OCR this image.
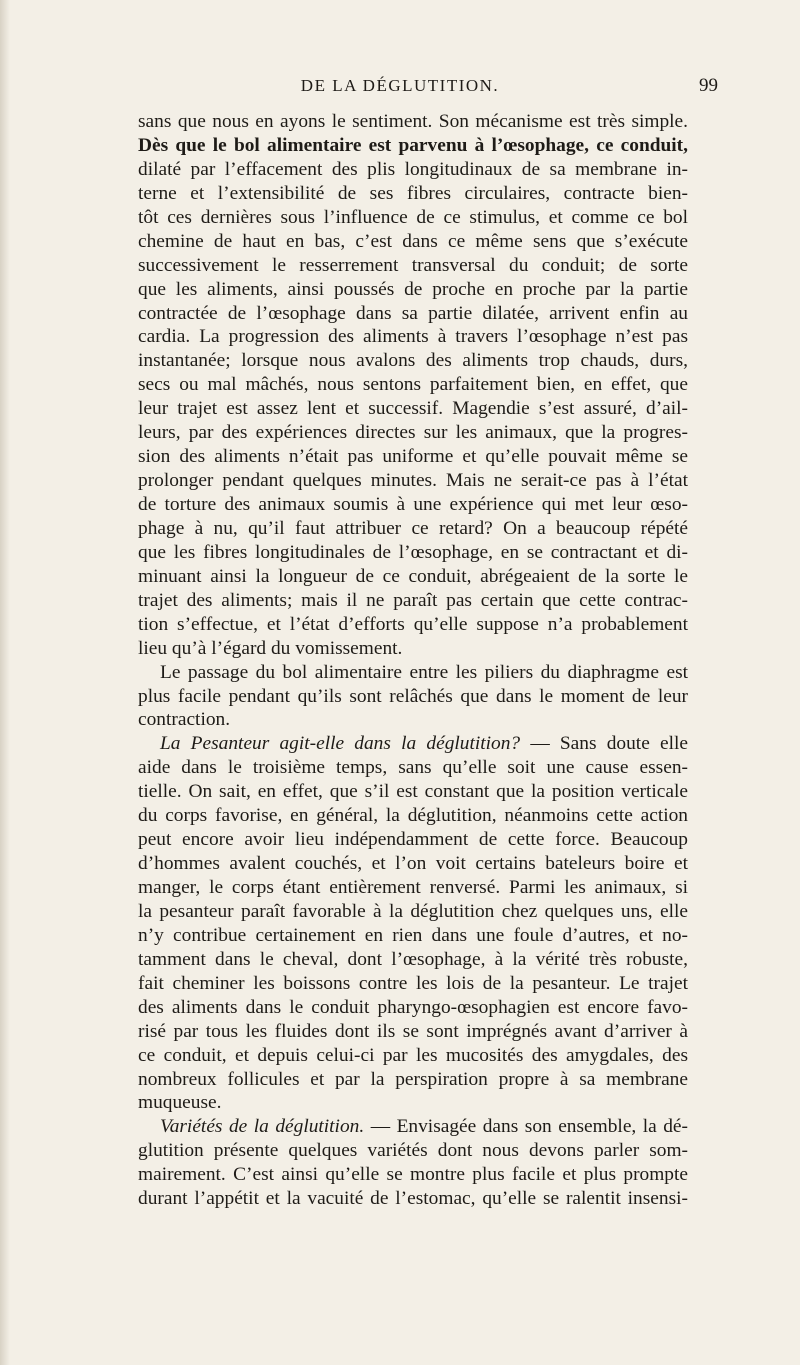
DE LA DÉGLUTITION.	99
sans que nous en ayons le sentiment. Son mécanisme est très simple.
Dès que le bol alimentaire est parvenu à l’œsophage, ce conduit,
dilaté par l’effacement des plis longitudinaux de sa membrane in-
terne et l’extensibilité de ses fibres circulaires, contracte bien-
tôt ces dernières sous l’influence de ce stimulus, et comme ce bol
chemine de haut en bas, c’est dans ce même sens que s’exécute
successivement le resserrement transversal du conduit; de sorte
que les aliments, ainsi poussés de proche en proche par la partie
contractée de l’œsophage dans sa partie dilatée, arrivent enfin au
cardia. La progression des aliments à travers l’œsophage n’est pas
instantanée; lorsque nous avalons des aliments trop chauds, durs,
secs ou mal mâchés, nous sentons parfaitement bien, en effet, que
leur trajet est assez lent et successif. Magendie s’est assuré, d’ail-
leurs, par des expériences directes sur les animaux, que la progres-
sion des aliments n’était pas uniforme et qu’elle pouvait même se
prolonger pendant quelques minutes. Mais ne serait-ce pas à l’état
de torture des animaux soumis à une expérience qui met leur œso-
phage à nu, qu’il faut attribuer ce retard? On a beaucoup répété
que les fibres longitudinales de l’œsophage, en se contractant et di-
minuant ainsi la longueur de ce conduit, abrégeaient de la sorte le
trajet des aliments; mais il ne paraît pas certain que cette contrac-
tion s’effectue, et l’état d’efforts qu’elle suppose n’a probablement
lieu qu’à l’égard du vomissement.
Le passage du bol alimentaire entre les piliers du diaphragme est
plus facile pendant qu’ils sont relâchés que dans le moment de leur
contraction.
La Pesanteur agit-elle dans la déglutition? — Sans doute elle
aide dans le troisième temps, sans qu’elle soit une cause essen-
tielle. On sait, en effet, que s’il est constant que la position verticale
du corps favorise, en général, la déglutition, néanmoins cette action
peut encore avoir lieu indépendamment de cette force. Beaucoup
d’hommes avalent couchés, et l’on voit certains bateleurs boire et
manger, le corps étant entièrement renversé. Parmi les animaux, si
la pesanteur paraît favorable à la déglutition chez quelques uns, elle
n’y contribue certainement en rien dans une foule d’autres, et no-
tamment dans le cheval, dont l’œsophage, à la vérité très robuste,
fait cheminer les boissons contre les lois de la pesanteur. Le trajet
des aliments dans le conduit pharyngo-œsophagien est encore favo-
risé par tous les fluides dont ils se sont imprégnés avant d’arriver à
ce conduit, et depuis celui-ci par les mucosités des amygdales, des
nombreux follicules et par la perspiration propre à sa membrane
muqueuse.
Variétés de la déglutition. — Envisagée dans son ensemble, la dé-
glutition présente quelques variétés dont nous devons parler som-
mairement. C’est ainsi qu’elle se montre plus facile et plus prompte
durant l’appétit et la vacuité de l’estomac, qu’elle se ralentit insensi-
